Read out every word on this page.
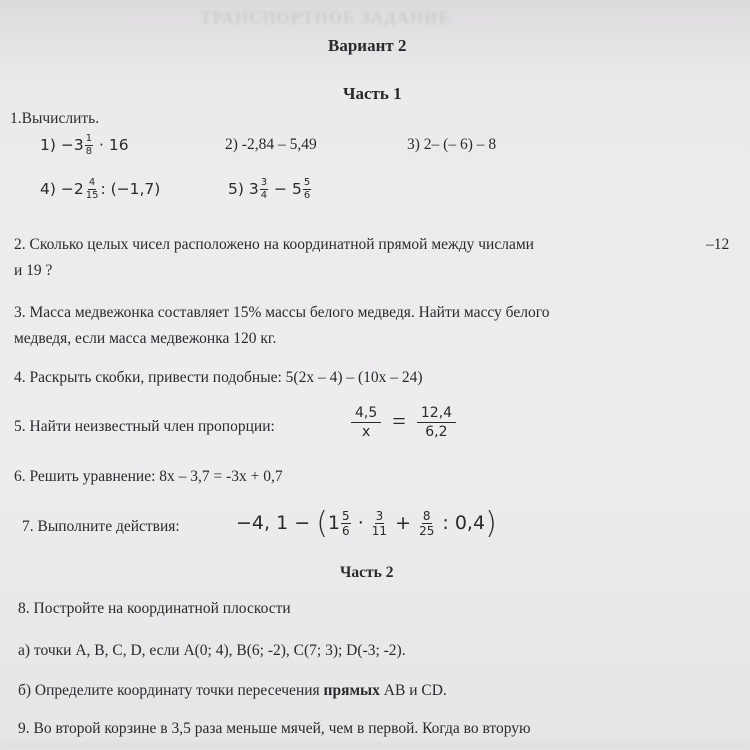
ТРАНСПОРТНОЕ ЗАДАНИЕ
Вариант 2
Часть 1
1.Вычислить.
$1) -3 \frac{1}{8} \cdot 16$	2) -2,84 – 5,49	3) 2– (– 6) – 8
$4) -2 \frac{4}{15}$ : (−1,7)	5) $3 \frac{3}{4} - 5 \frac{5}{6}$
2. Сколько целых чисел расположено на координатной прямой между числами	–12
и 19 ?
3. Масса медвежонка составляет 15% массы белого медведя. Найти массу белого
медведя, если масса медвежонка 120 кг.
4. Раскрыть скобки, привести подобные: 5(2x – 4) – (10x – 24)
5. Найти неизвестный член пропорции:	$\frac{4,5}{x} = \frac{12,4}{6,2}$
6. Решить уравнение: 8x – 3,7 = -3x + 0,7
7. Выполните действия:	−4, $1 - (1 \frac{5}{6} \cdot \frac{3}{11} + \frac{8}{25}$ : 0,4)
Часть 2
8. Постройте на координатной плоскости
а) точки A, B, C, D, если A(0; 4), B(6; -2), C(7; 3); D(-3; -2).
б) Определите координату точки пересечения прямых AB и CD.
9. Во второй корзине в 3,5 раза меньше мячей, чем в первой. Когда во вторую
